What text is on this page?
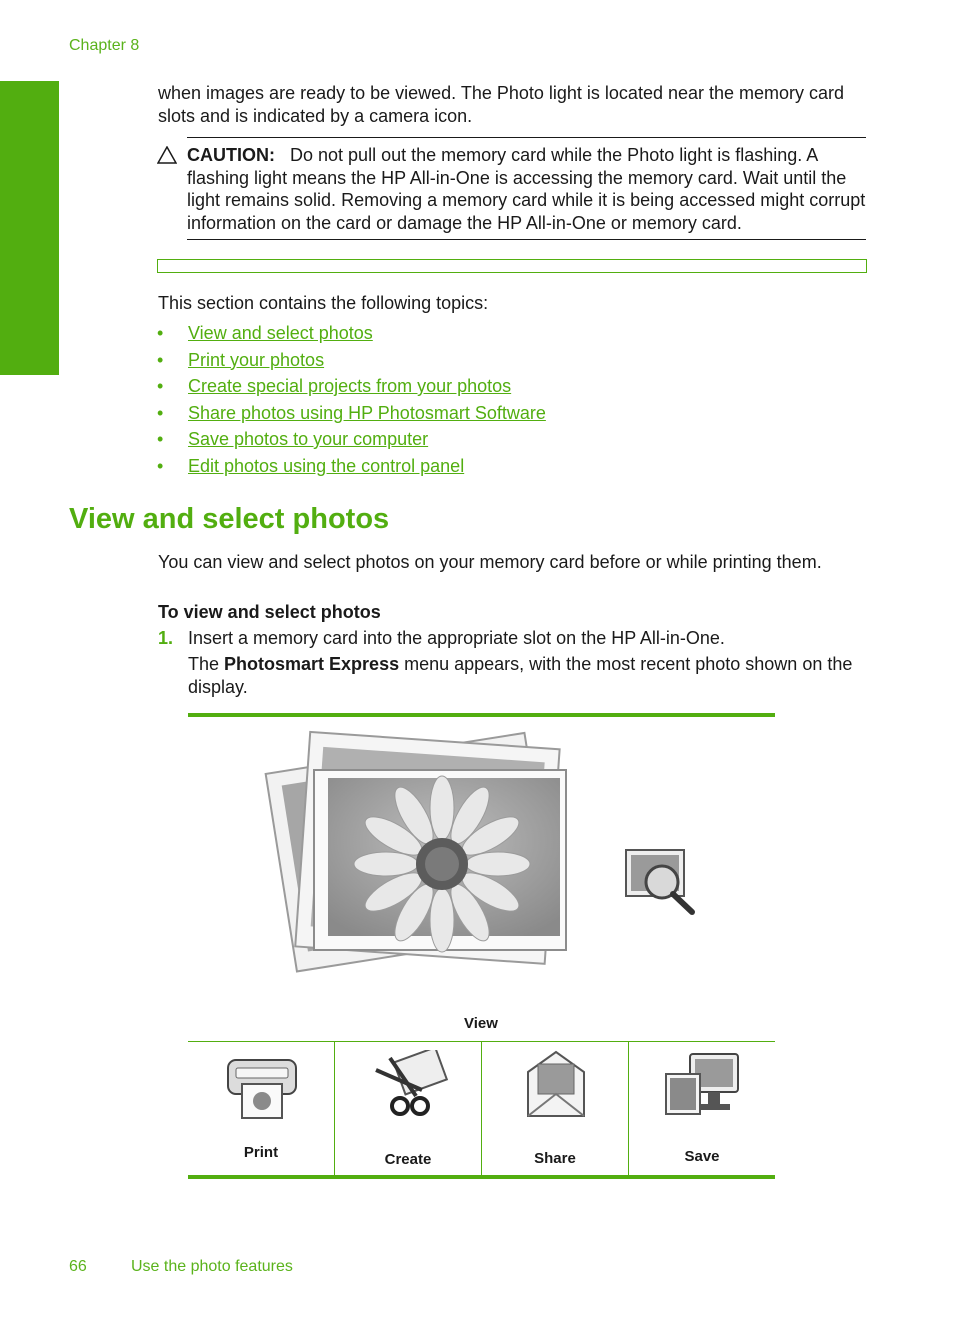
Chapter 8
Photos
when images are ready to be viewed. The Photo light is located near the memory card
slots and is indicated by a camera icon.
CAUTION: Do not pull out the memory card while the Photo light is flashing. A
flashing light means the HP All-in-One is accessing the memory card. Wait until the
light remains solid. Removing a memory card while it is being accessed might corrupt
information on the card or damage the HP All-in-One or memory card.
This section contains the following topics:
• View and select photos
• Print your photos
• Create special projects from your photos
• Share photos using HP Photosmart Software
• Save photos to your computer
• Edit photos using the control panel
View and select photos
You can view and select photos on your memory card before or while printing them.
To view and select photos
1. Insert a memory card into the appropriate slot on the HP All-in-One.
The Photosmart Express menu appears, with the most recent photo shown on the
display.
View
Print	Create	Share	Save
66	Use the photo features
